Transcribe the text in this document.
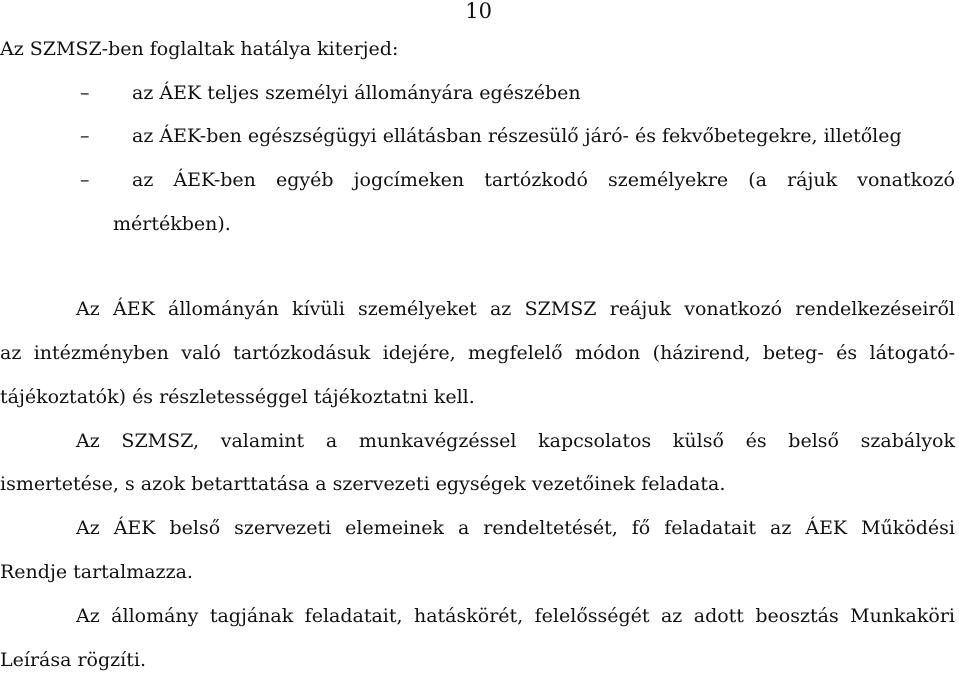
10
Az SZMSZ-ben foglaltak hatálya kiterjed:
–	az ÁEK teljes személyi állományára egészében
–	az ÁEK-ben egészségügyi ellátásban részesülő járó- és fekvőbetegekre, illetőleg
–	az ÁEK-ben egyéb jogcímeken tartózkodó személyekre (a rájuk vonatkozó
mértékben).
Az ÁEK állományán kívüli személyeket az SZMSZ reájuk vonatkozó rendelkezéseiről
az intézményben való tartózkodásuk idejére, megfelelő módon (házirend, beteg- és látogató-
tájékoztatók) és részletességgel tájékoztatni kell.
Az SZMSZ, valamint a munkavégzéssel kapcsolatos külső és belső szabályok
ismertetése, s azok betarttatása a szervezeti egységek vezetőinek feladata.
Az ÁEK belső szervezeti elemeinek a rendeltetését, fő feladatait az ÁEK Működési
Rendje tartalmazza.
Az állomány tagjának feladatait, hatáskörét, felelősségét az adott beosztás Munkaköri
Leírása rögzíti.
